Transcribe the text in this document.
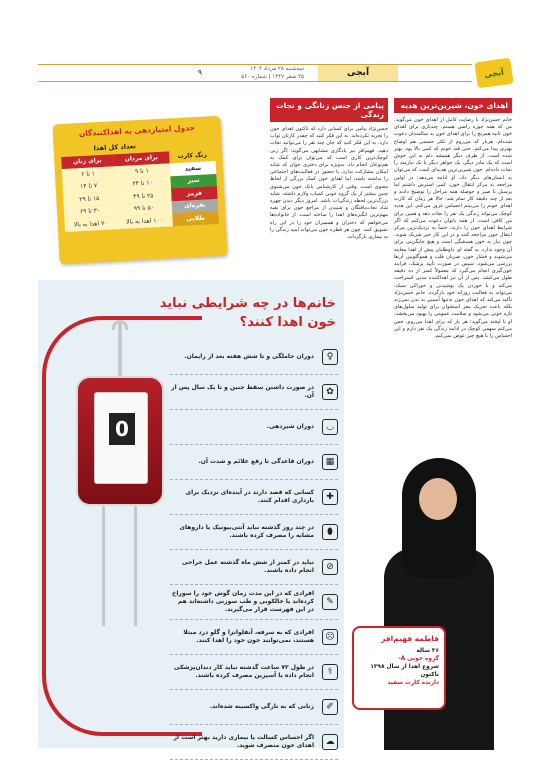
آبجی
آبجی
سه‌شنبه ۲۸ مرداد ۱۴۰۴
۲۵ صفر ۱۴۴۷ | شماره ۵۶۰
۹
اهدای خون، شیرین‌ترین هدیه
خانم حسن‌نژاد با رضایت کامل از اهدای خون می‌گوید: من که همه جوره راضی هستم. چندباری برای اهدای خون ثانیه همرنج را برای اهدای خون به سالمندان دعوت شده‌ام. هربار که می‌روم از تکثر جسمی هم اوضاع بهتری پیدا می‌کنم. حتی قند خونم که کمی بالا بود، بهتر شده است. از طرف دیگر همیشه دلم به این خوش است که یک مادر دیگر، یک خواهر دیگر یا یک نیازمند را نجات داده‌ام. خون شیرین‌ترین هدیه‌ای است که می‌توان به انسان‌های دیگر داد. او ادامه می‌دهد: در اولین مراجعه به مرکز انتقال خون، کمی استرس داشتم اما پرسنل با صبر و حوصله همه مراحل را توضیح دادند و بعد از چند دقیقه کار تمام شد. حالا هر زمان که کارت اهدای خونم را می‌بینم احساس غرور می‌کنم. این هدیه کوچک می‌تواند زندگی یک نفر را نجات دهد و همین برای من کافی است. از همه بانوان دعوت می‌کنم که اگر شرایط اهدای خون را دارند، حتماً به نزدیک‌ترین مرکز انتقال خون مراجعه کنند و در این کار خیر شریک شوند. چون نیاز به خون همیشگی است و هیچ جایگزینی برای آن وجود ندارد. به گفته او، داوطلبان پیش از اهدا معاینه می‌شوند و فشار خون، ضربان قلب و هموگلوبین آن‌ها بررسی می‌شود. سپس در صورت تأیید پزشک، فرایند خون‌گیری انجام می‌گیرد که معمولاً کمتر از ده دقیقه طول می‌کشد. پس از آن نیز اهداکننده مدتی استراحت می‌کند و با خوردن یک نوشیدنی و خوراکی سبک، می‌تواند به فعالیت روزانه خود بازگردد. خانم حسن‌نژاد تأکید می‌کند که اهدای خون نه‌تنها آسیبی به بدن نمی‌زند بلکه باعث تحریک مغز استخوان برای تولید سلول‌های تازه خونی می‌شود و سلامت عمومی را بهبود می‌بخشد. او با لبخند می‌گوید: هر بار که برای اهدا می‌روم، حس می‌کنم سهمی کوچک در ادامه زندگی یک نفر دارم و این احساس را با هیچ چیز عوض نمی‌کنم.
پیامی از جنس زنانگی و نجات زندگی
حسن‌نژاد پیامی برای کسانی دارد که تاکنون اهدای خون را تجربه نکرده‌اند. به این فکر کنید که چقدر کارتان ثواب دارد. به این فکر کنید که جان چند نفر را می‌توانید نجات دهید. فهیم‌افر نیز یادگاری مشابهی می‌گوید: اگر زنی کوچک‌ترین کاری است که می‌توان برای کمک به هم‌نوعان انجام داد. به‌ویژه برای دختری جوان که شاید امکان مشارکت ندارد، یا حضور در فعالیت‌های اجتماعی را نداشته باشد، اما اهدای خون کمک بزرگی از لحاظ معنوی است. وقتی از کارشناس بانک خون می‌شنوی چنین بیشتر از یک گروه خونی کمیاب ولازم داشته، شاید بزرگ‌ترین لحظه زندگی‌ات باشد. امروز دیگر دیدن چهره شاد نجات‌یافتگان و شنیدن از مراجع خون برای بقیه مهم‌ترین انگیزه‌های اهدا را ساخته است. از خانواده‌ها می‌خواهم که دختران و همسران خود را در این راه تشویق کنند. چون هر قطره خون می‌تواند امید زندگی را به بیماری بازگرداند.
جدول امتیازدهی به اهداکنندگان
	تعداد کل اهدا	
رنگ کارت	برای مردان	برای زنان
سفید	۱ تا ۹	۱ تا ۶
سبز	۱۰ تا ۲۴	۷ تا ۱۴
قرمز	۲۵ تا ۴۹	۱۵ تا ۲۹
نقره‌ای	۵۰ تا ۹۹	۳۰ تا ۶۹
طلایی	۱۰۰ اهدا به بالا	۷۰ اهدا به بالا
خانم‌ها در چه شرایطی نباید خون اهدا کنند؟
0
♀
دوران حاملگی و تا شش هفته بعد از زایمان.
✿
در صورت داشتن سقط جنین و تا یک سال پس از آن.
◡
دوران شیردهی.
▦
دوران قاعدگی تا رفع علائم و شدت آن.
✚
کسانی که قصد دارند در آینده‌ای نزدیک برای بارداری اقدام کنند.
⬮
در چند روز گذشته نباید آنتی‌بیوتیک یا داروهای مشابه را مصرف کرده باشند.
⊘
نباید در کمتر از شش ماه گذشته عمل جراحی انجام داده باشند.
✎
افرادی که در این مدت زمان گوش خود را سوراخ کرده‌اند یا خالکوبی و طب سوزنی داشته‌اند هم در این فهرست قرار می‌گیرند.
☹
افرادی که به سرفه، آنفلوانزا و گلو درد مبتلا هستند، نمی‌توانند خون خود را اهدا کنند.
⚕
در طول ۷۲ ساعت گذشته نباید کار دندان‌پزشکی انجام داده یا آسپرین مصرف کرده باشند.
✐
زنانی که به تازگی واکسینه شده‌اند.
☁
اگر احساس کسالت یا بیماری دارید بهتر است از اهدای خون منصرف شوید.
فاطمه فهیم‌افر
۳۶ ساله
گروه خونی A-
شروع اهدا از سال ۱۳۹۸ تاکنون
دارنده کارت سفید
